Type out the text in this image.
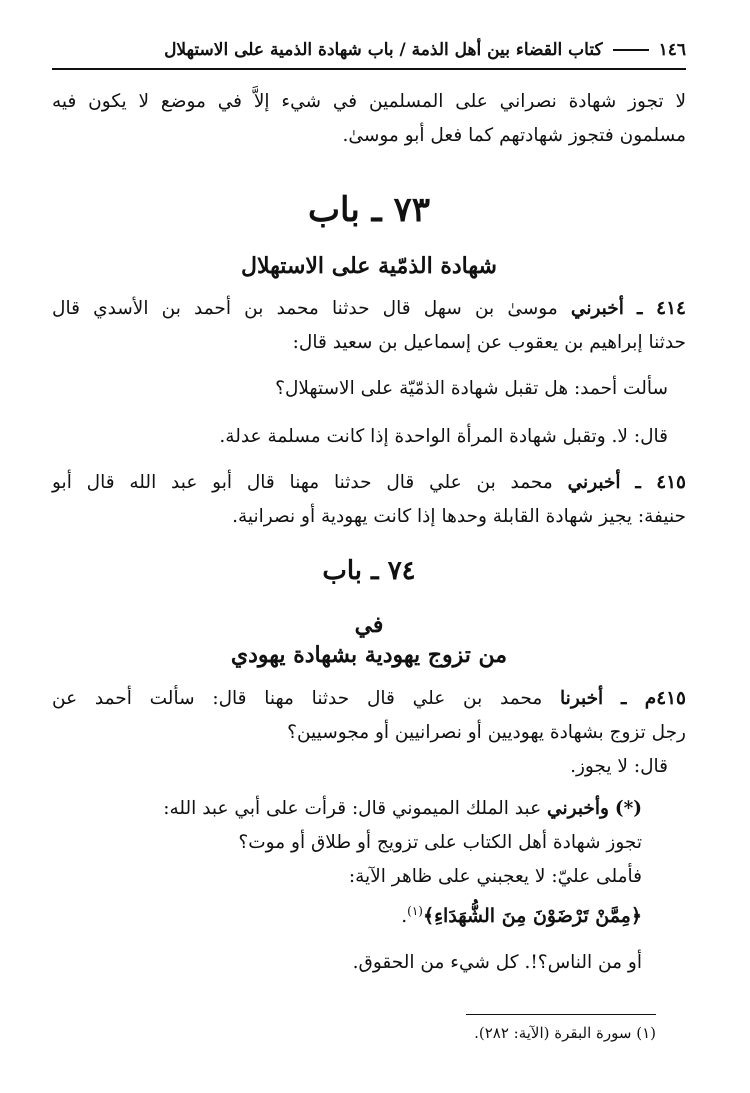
١٤٦
كتاب القضاء بين أهل الذمة / باب شهادة الذمية على الاستهلال
لا تجوز شهادة نصراني على المسلمين في شيء إلاَّ في موضع لا يكون فيه
مسلمون فتجوز شهادتهم كما فعل أبو موسىٰ.
٧٣ ـ باب
شهادة الذمّية على الاستهلال
٤١٤ ـ أخبرني موسىٰ بن سهل قال حدثنا محمد بن أحمد بن الأسدي قال
حدثنا إبراهيم بن يعقوب عن إسماعيل بن سعيد قال:
سألت أحمد: هل تقبل شهادة الذمّيّة على الاستهلال؟
قال: لا. وتقبل شهادة المرأة الواحدة إذا كانت مسلمة عدلة.
٤١٥ ـ أخبرني محمد بن علي قال حدثنا مهنا قال أبو عبد الله قال أبو
حنيفة: يجيز شهادة القابلة وحدها إذا كانت يهودية أو نصرانية.
٧٤ ـ باب
في
من تزوج يهودية بشهادة يهودي
٤١٥م ـ أخبرنا محمد بن علي قال حدثنا مهنا قال: سألت أحمد عن
رجل تزوج بشهادة يهوديين أو نصرانيين أو مجوسيين؟
قال: لا يجوز.
(*) وأخبرني عبد الملك الميموني قال: قرأت على أبي عبد الله:
تجوز شهادة أهل الكتاب على تزويج أو طلاق أو موت؟
فأملى عليّ: لا يعجبني على ظاهر الآية:
﴿مِمَّنْ تَرْضَوْنَ مِنَ الشُّهَدَاءِ﴾$^{(١)}$.
أو من الناس؟!. كل شيء من الحقوق.
(١) سورة البقرة (الآية: ٢٨٢).
